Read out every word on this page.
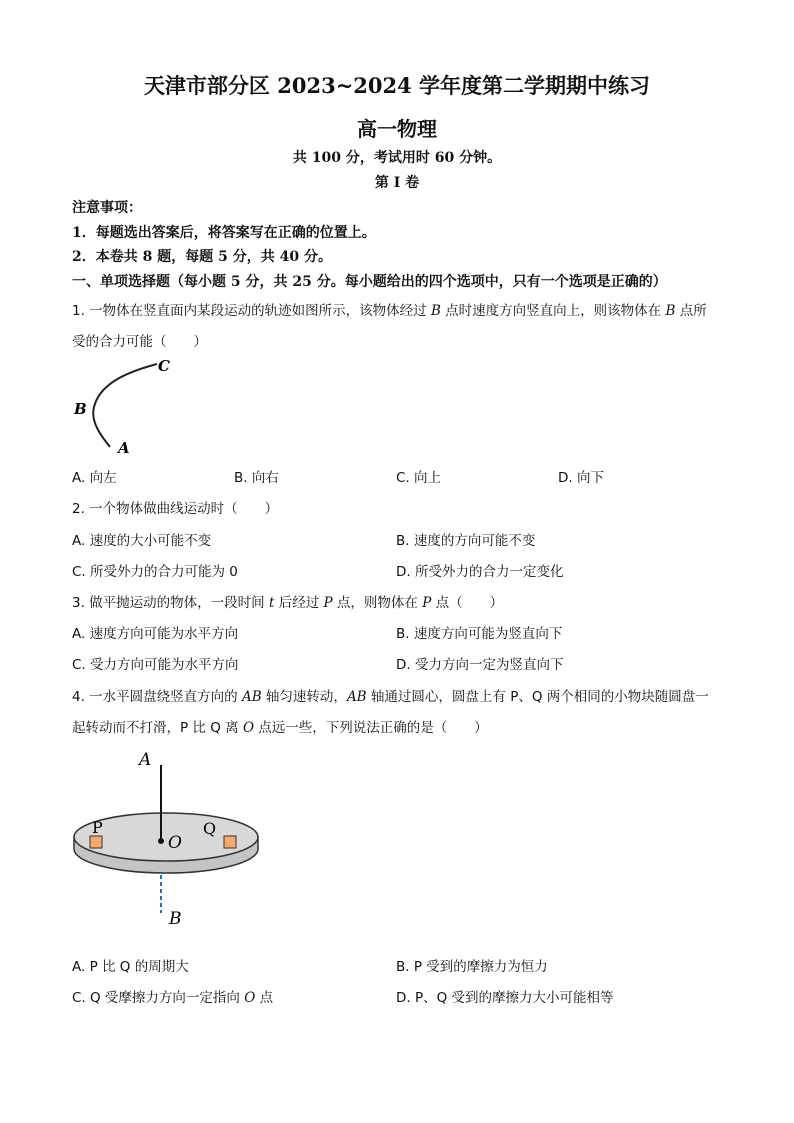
天津市部分区 2023~2024 学年度第二学期期中练习
高一物理
共 100 分，考试用时 60 分钟。
第 I 卷
注意事项：
1．每题选出答案后，将答案写在正确的位置上。
2．本卷共 8 题，每题 5 分，共 40 分。
一、单项选择题（每小题 5 分，共 25 分。每小题给出的四个选项中，只有一个选项是正确的）
1. 一物体在竖直面内某段运动的轨迹如图所示，该物体经过 B 点时速度方向竖直向上，则该物体在 B 点所
受的合力可能（　　）
C
B
A
A. 向左	B. 向右	C. 向上	D. 向下
2. 一个物体做曲线运动时（　　）
A. 速度的大小可能不变	B. 速度的方向可能不变
C. 所受外力的合力可能为 0	D. 所受外力的合力一定变化
3. 做平抛运动的物体，一段时间 t 后经过 P 点，则物体在 P 点（　　）
A. 速度方向可能为水平方向	B. 速度方向可能为竖直向下
C. 受力方向可能为水平方向	D. 受力方向一定为竖直向下
4. 一水平圆盘绕竖直方向的 AB 轴匀速转动，AB 轴通过圆心，圆盘上有 P、Q 两个相同的小物块随圆盘一
起转动而不打滑，P 比 Q 离 O 点远一些，下列说法正确的是（　　）
A
P
O
Q
B
A. P 比 Q 的周期大	B. P 受到的摩擦力为恒力
C. Q 受摩擦力方向一定指向 O 点	D. P、Q 受到的摩擦力大小可能相等
